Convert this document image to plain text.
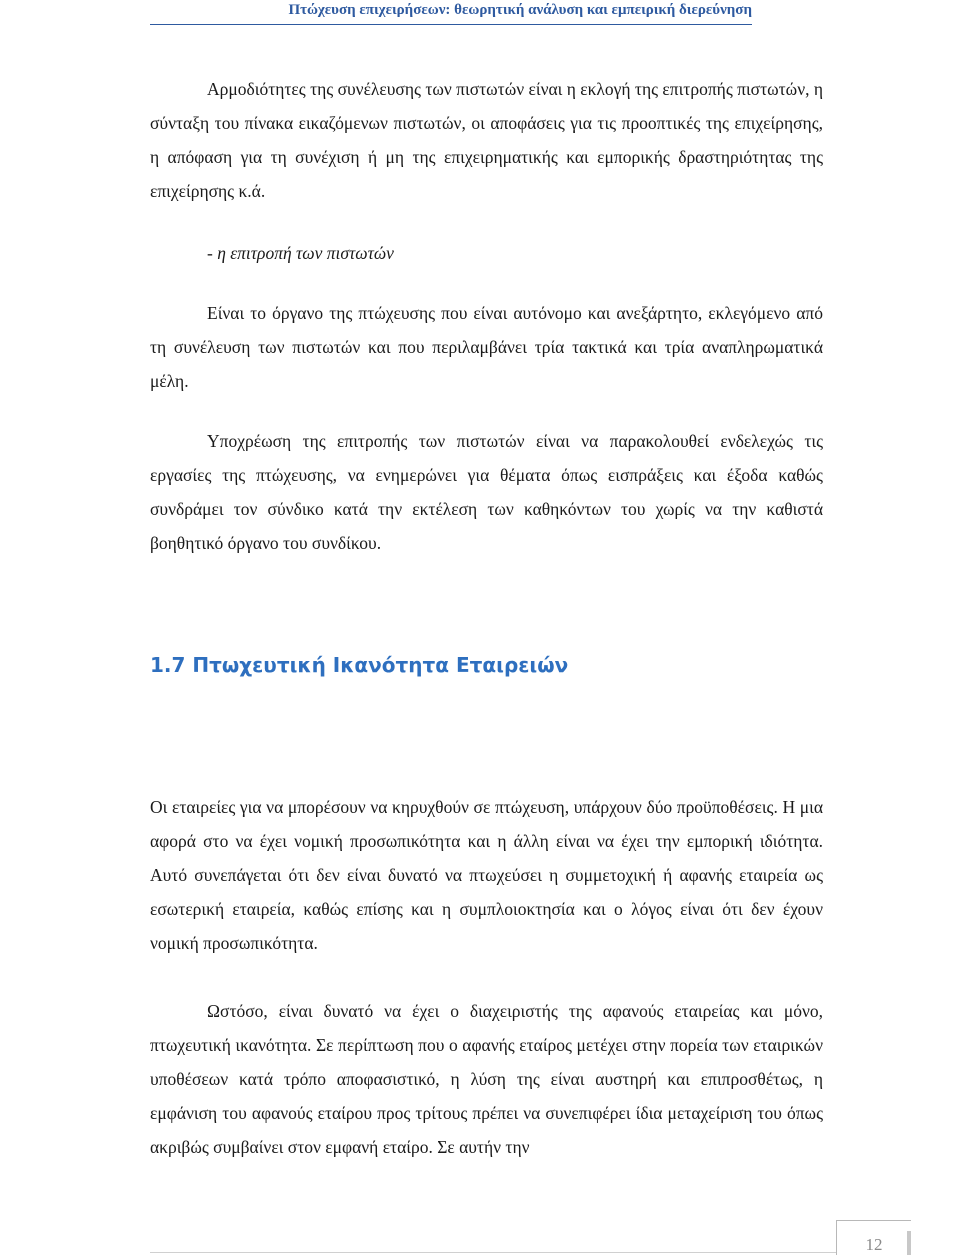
Πτώχευση επιχειρήσεων: θεωρητική ανάλυση και εμπειρική διερεύνηση

Αρμοδιότητες της συνέλευσης των πιστωτών είναι η εκλογή της επιτροπής πιστωτών, η σύνταξη του πίνακα εικαζόμενων πιστωτών, οι αποφάσεις για τις προοπτικές της επιχείρησης, η απόφαση για τη συνέχιση ή μη της επιχειρηματικής και εμπορικής δραστηριότητας της επιχείρησης κ.ά.

- η επιτροπή των πιστωτών

Είναι το όργανο της πτώχευσης που είναι αυτόνομο και ανεξάρτητο, εκλεγόμενο από τη συνέλευση των πιστωτών και που περιλαμβάνει τρία τακτικά και τρία αναπληρωματικά μέλη.

Υποχρέωση της επιτροπής των πιστωτών είναι να παρακολουθεί ενδελεχώς τις εργασίες της πτώχευσης, να ενημερώνει για θέματα όπως εισπράξεις και έξοδα καθώς συνδράμει τον σύνδικο κατά την εκτέλεση των καθηκόντων του χωρίς να την καθιστά βοηθητικό όργανο του συνδίκου.

1.7 Πτωχευτική Ικανότητα Εταιρειών

Οι εταιρείες για να μπορέσουν να κηρυχθούν σε πτώχευση, υπάρχουν δύο προϋποθέσεις. Η μια αφορά στο να έχει νομική προσωπικότητα και η άλλη είναι να έχει την εμπορική ιδιότητα. Αυτό συνεπάγεται ότι δεν είναι δυνατό να πτωχεύσει η συμμετοχική ή αφανής εταιρεία ως εσωτερική εταιρεία, καθώς επίσης και η συμπλοιοκτησία και ο λόγος είναι ότι δεν έχουν νομική προσωπικότητα.

Ωστόσο, είναι δυνατό να έχει ο διαχειριστής της αφανούς εταιρείας και μόνο, πτωχευτική ικανότητα. Σε περίπτωση που ο αφανής εταίρος μετέχει στην πορεία των εταιρικών υποθέσεων κατά τρόπο αποφασιστικό, η λύση της είναι αυστηρή και επιπροσθέτως, η εμφάνιση του αφανούς εταίρου προς τρίτους πρέπει να συνεπιφέρει ίδια μεταχείριση του όπως ακριβώς συμβαίνει στον εμφανή εταίρο. Σε αυτήν την

12
